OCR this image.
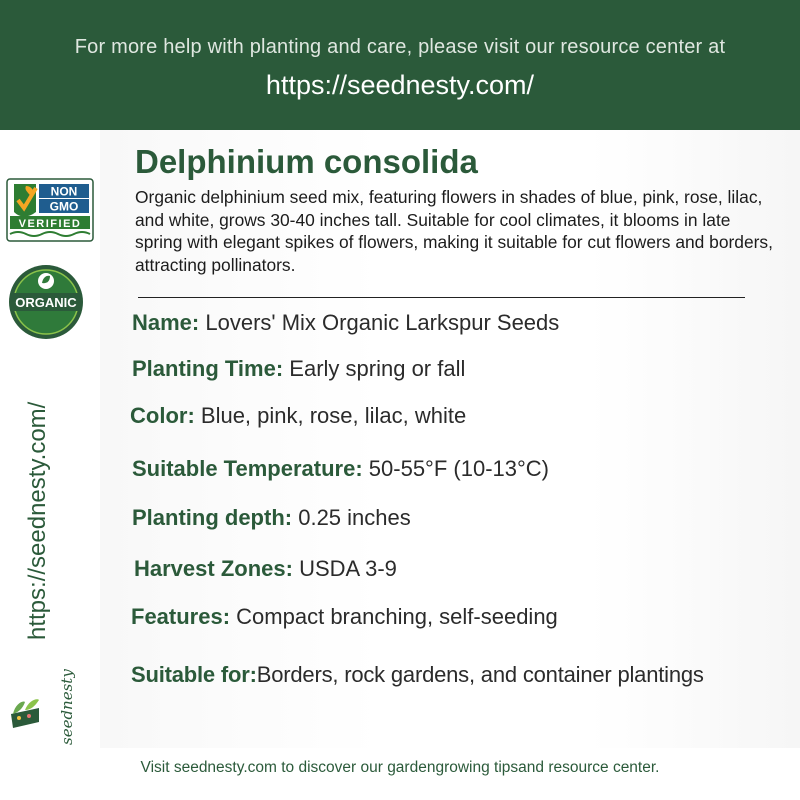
For more help with planting and care, please visit our resource center at
https://seednesty.com/
NON
GMO
VERIFIED
ORGANIC
https://seednesty.com/
seednesty
Delphinium consolida
Organic delphinium seed mix, featuring flowers in shades of blue, pink, rose, lilac, and white, grows 30-40 inches tall. Suitable for cool climates, it blooms in late spring with elegant spikes of flowers, making it suitable for cut flowers and borders, attracting pollinators.
Name: Lovers' Mix Organic Larkspur Seeds
Planting Time: Early spring or fall
Color: Blue, pink, rose, lilac, white
Suitable Temperature: 50-55°F (10-13°C)
Planting depth: 0.25 inches
Harvest Zones: USDA 3-9
Features: Compact branching, self-seeding
Suitable for:Borders, rock gardens, and container plantings
Visit seednesty.com to discover our gardengrowing tipsand resource center.
